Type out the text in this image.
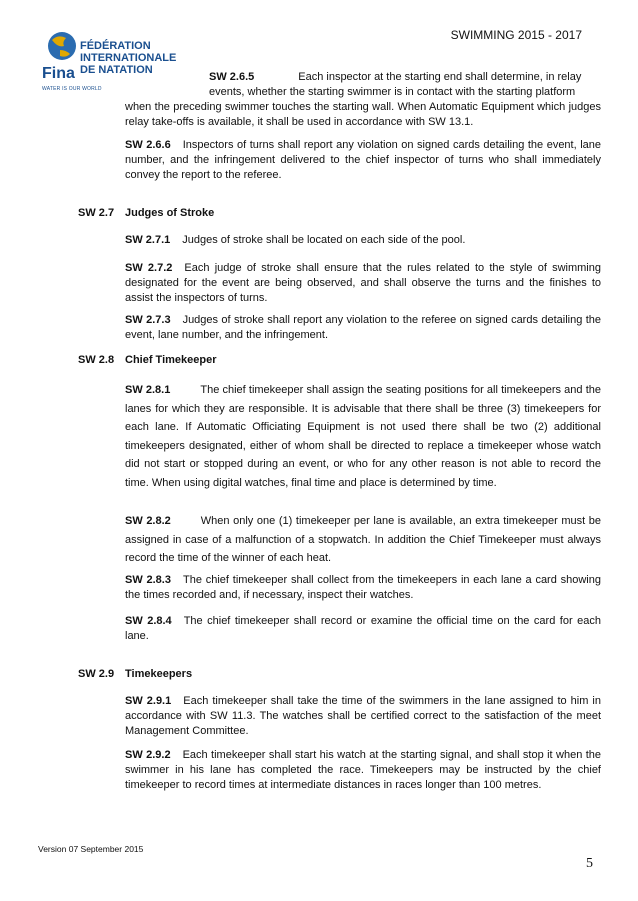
SWIMMING 2015 - 2017
Fina
FÉDÉRATION
INTERNATIONALE
DE NATATION
WATER IS OUR WORLD
SW 2.6.5	Each inspector at the starting end shall determine, in relay
events, whether the starting swimmer is in contact with the starting platform
when the preceding swimmer touches the starting wall. When Automatic Equipment which judges relay take-offs is available, it shall be used in accordance with SW 13.1.
SW 2.6.6 Inspectors of turns shall report any violation on signed cards detailing the event, lane number, and the infringement delivered to the chief inspector of turns who shall immediately convey the report to the referee.
SW 2.7 Judges of Stroke
SW 2.7.1 Judges of stroke shall be located on each side of the pool.
SW 2.7.2 Each judge of stroke shall ensure that the rules related to the style of swimming designated for the event are being observed, and shall observe the turns and the finishes to assist the inspectors of turns.
SW 2.7.3 Judges of stroke shall report any violation to the referee on signed cards detailing the event, lane number, and the infringement.
SW 2.8 Chief Timekeeper
SW 2.8.1	The chief timekeeper shall assign the seating positions for all timekeepers and the lanes for which they are responsible. It is advisable that there shall be three (3) timekeepers for each lane. If Automatic Officiating Equipment is not used there shall be two (2) additional timekeepers designated, either of whom shall be directed to replace a timekeeper whose watch did not start or stopped during an event, or who for any other reason is not able to record the time. When using digital watches, final time and place is determined by time.
SW 2.8.2	When only one (1) timekeeper per lane is available, an extra timekeeper must be assigned in case of a malfunction of a stopwatch. In addition the Chief Timekeeper must always record the time of the winner of each heat.
SW 2.8.3 The chief timekeeper shall collect from the timekeepers in each lane a card showing the times recorded and, if necessary, inspect their watches.
SW 2.8.4 The chief timekeeper shall record or examine the official time on the card for each lane.
SW 2.9 Timekeepers
SW 2.9.1 Each timekeeper shall take the time of the swimmers in the lane assigned to him in accordance with SW 11.3. The watches shall be certified correct to the satisfaction of the meet Management Committee.
SW 2.9.2 Each timekeeper shall start his watch at the starting signal, and shall stop it when the swimmer in his lane has completed the race. Timekeepers may be instructed by the chief timekeeper to record times at intermediate distances in races longer than 100 metres.
Version 07 September 2015
5
